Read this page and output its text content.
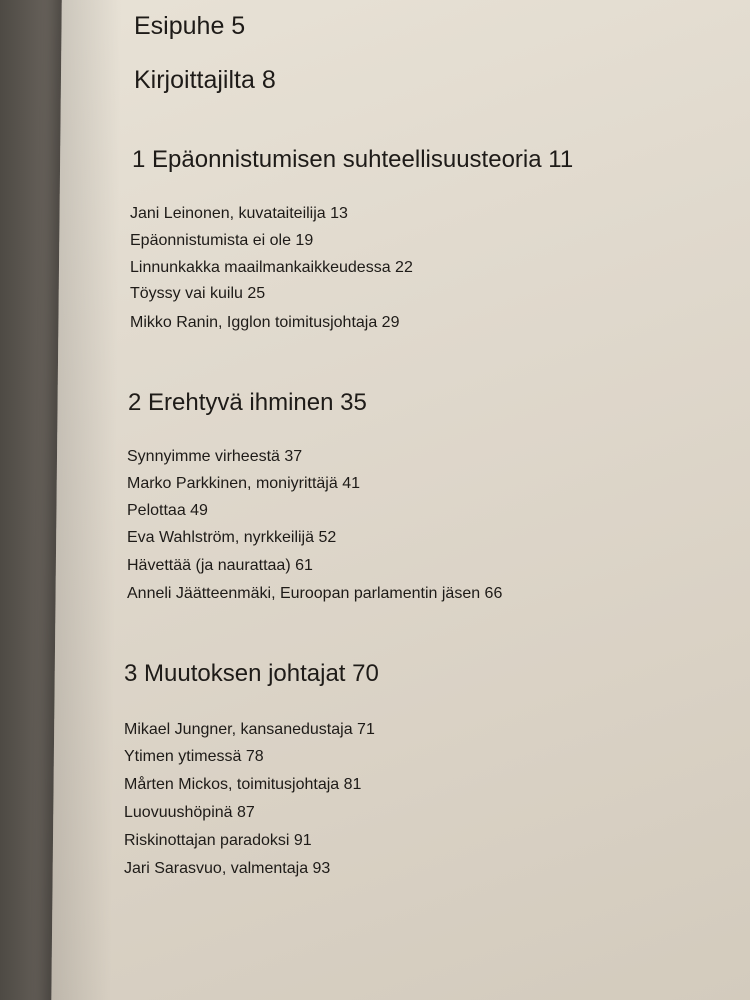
Esipuhe 5
Kirjoittajilta 8
1 Epäonnistumisen suhteellisuusteoria 11
Jani Leinonen, kuvataiteilija 13
Epäonnistumista ei ole 19
Linnunkakka maailmankaikkeudessa 22
Töyssy vai kuilu 25
Mikko Ranin, Igglon toimitusjohtaja 29
2 Erehtyvä ihminen 35
Synnyimme virheestä 37
Marko Parkkinen, moniyrittäjä 41
Pelottaa 49
Eva Wahlström, nyrkkeilijä 52
Hävettää (ja naurattaa) 61
Anneli Jäätteenmäki, Euroopan parlamentin jäsen 66
3 Muutoksen johtajat 70
Mikael Jungner, kansanedustaja 71
Ytimen ytimessä 78
Mårten Mickos, toimitusjohtaja 81
Luovuushöpinä 87
Riskinottajan paradoksi 91
Jari Sarasvuo, valmentaja 93
